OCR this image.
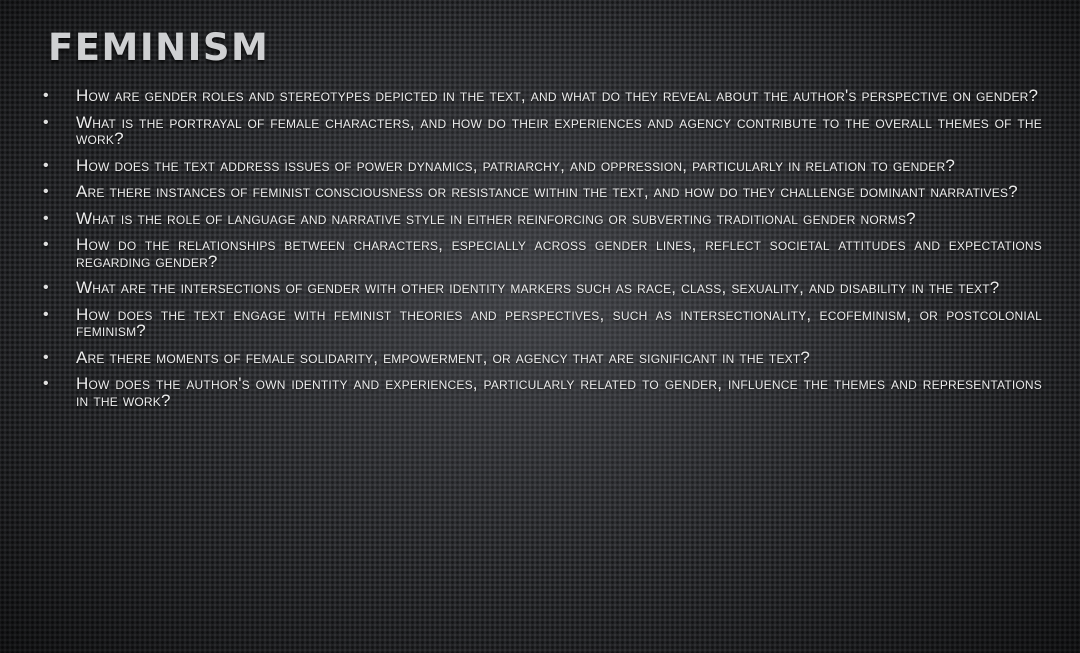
FEMINISM
• How are gender roles and stereotypes depicted in the text, and what do they reveal about the author's perspective on gender?
• What is the portrayal of female characters, and how do their experiences and agency contribute to the overall themes of the work?
• How does the text address issues of power dynamics, patriarchy, and oppression, particularly in relation to gender?
• Are there instances of feminist consciousness or resistance within the text, and how do they challenge dominant narratives?
• What is the role of language and narrative style in either reinforcing or subverting traditional gender norms?
• How do the relationships between characters, especially across gender lines, reflect societal attitudes and expectations regarding gender?
• What are the intersections of gender with other identity markers such as race, class, sexuality, and disability in the text?
• How does the text engage with feminist theories and perspectives, such as intersectionality, ecofeminism, or postcolonial feminism?
• Are there moments of female solidarity, empowerment, or agency that are significant in the text?
• How does the author's own identity and experiences, particularly related to gender, influence the themes and representations in the work?
